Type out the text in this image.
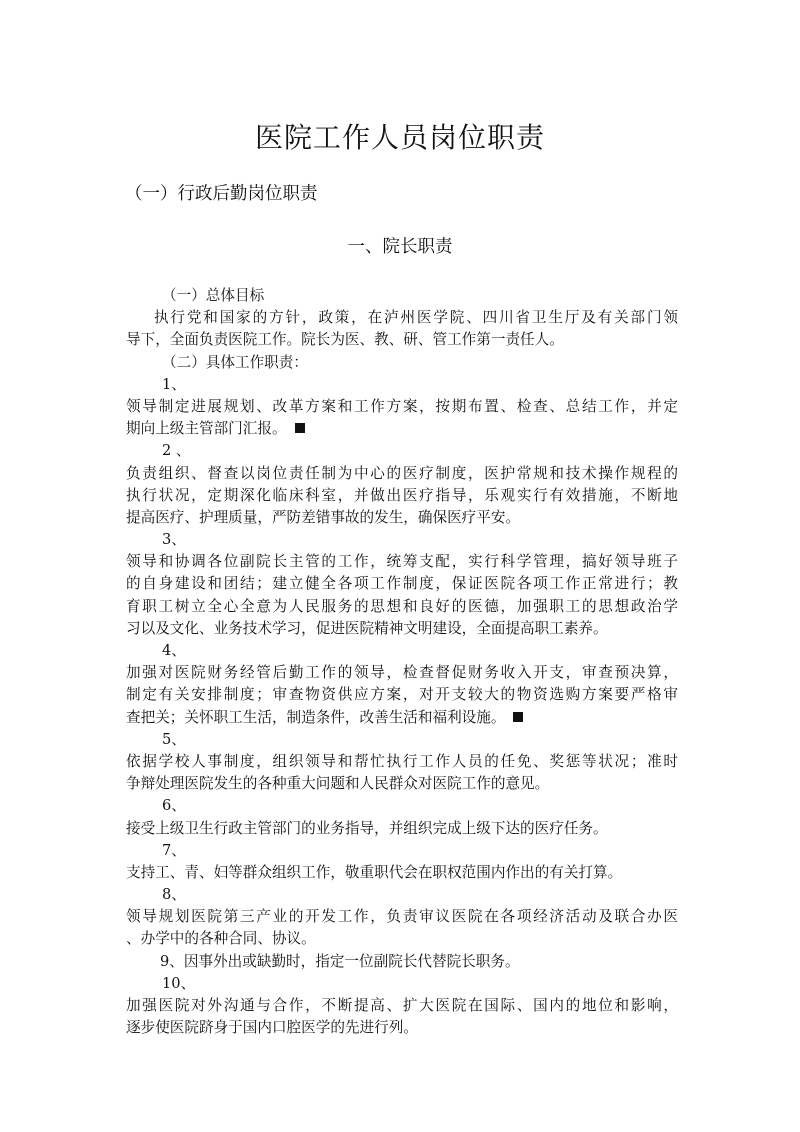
医院工作人员岗位职责
（一）行政后勤岗位职责
一、院长职责
（一）总体目标
执行党和国家的方针，政策，在泸州医学院、四川省卫生厅及有关部门领
导下，全面负责医院工作。院长为医、教、研、管工作第一责任人。
（二）具体工作职责：
1、
领导制定进展规划、改革方案和工作方案，按期布置、检查、总结工作，并定
期向上级主管部门汇报。
2 、
负责组织、督查以岗位责任制为中心的医疗制度，医护常规和技术操作规程的
执行状况，定期深化临床科室，并做出医疗指导，乐观实行有效措施，不断地
提高医疗、护理质量，严防差错事故的发生，确保医疗平安。
3、
领导和协调各位副院长主管的工作，统筹支配，实行科学管理，搞好领导班子
的自身建设和团结；建立健全各项工作制度，保证医院各项工作正常进行；教
育职工树立全心全意为人民服务的思想和良好的医德，加强职工的思想政治学
习以及文化、业务技术学习，促进医院精神文明建设，全面提高职工素养。
4、
加强对医院财务经管后勤工作的领导，检查督促财务收入开支，审查预决算，
制定有关安排制度；审查物资供应方案，对开支较大的物资选购方案要严格审
查把关；关怀职工生活，制造条件，改善生活和福利设施。
5、
依据学校人事制度，组织领导和帮忙执行工作人员的任免、奖惩等状况；准时
争辩处理医院发生的各种重大问题和人民群众对医院工作的意见。
6、
接受上级卫生行政主管部门的业务指导，并组织完成上级下达的医疗任务。
7、
支持工、青、妇等群众组织工作，敬重职代会在职权范围内作出的有关打算。
8、
领导规划医院第三产业的开发工作，负责审议医院在各项经济活动及联合办医
、办学中的各种合同、协议。
9、因事外出或缺勤时，指定一位副院长代替院长职务。
10、
加强医院对外沟通与合作，不断提高、扩大医院在国际、国内的地位和影响，
逐步使医院跻身于国内口腔医学的先进行列。
